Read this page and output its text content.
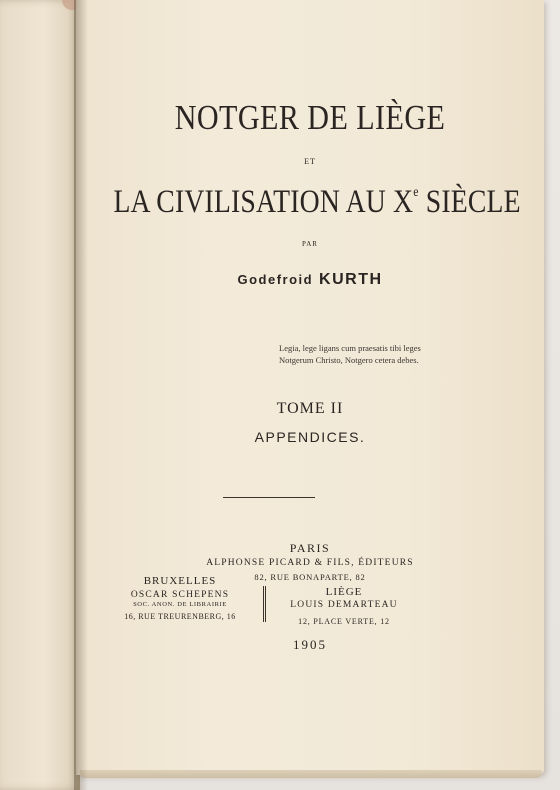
NOTGER DE LIÈGE
ET
LA CIVILISATION AU Xe SIÈCLE
PAR
Godefroid KURTH
Legia, lege ligans cum praesatis tibi leges
Notgerum Christo, Notgero cetera debes.
TOME II
APPENDICES.
PARIS
ALPHONSE PICARD & FILS, ÉDITEURS
82, RUE BONAPARTE, 82
BRUXELLES
OSCAR SCHEPENS
SOC. ANON. DE LIBRAIRIE
16, RUE TREURENBERG, 16
LIÈGE
LOUIS DEMARTEAU
12, PLACE VERTE, 12
1905
